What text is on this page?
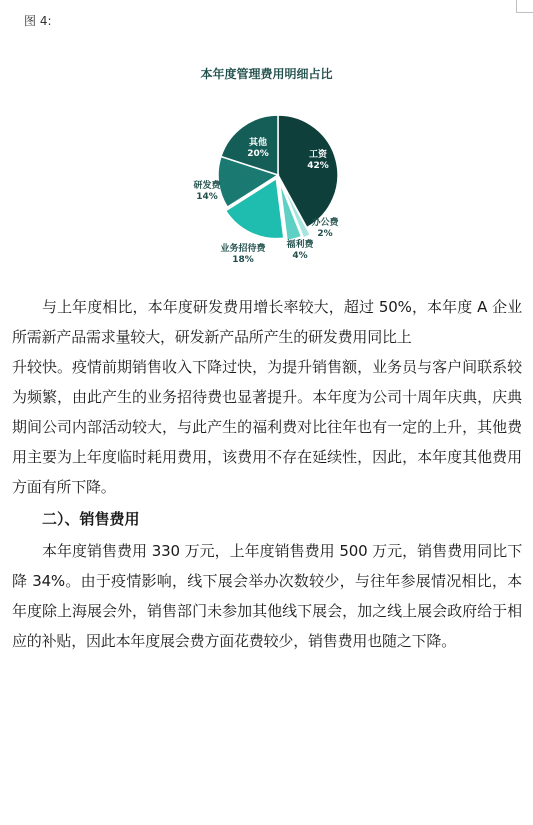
图 4:
本年度管理费用明细占比
工资
42%
办公费
2%
福利费
4%
业务招待费
18%
研发费
14%
其他
20%

与上年度相比，本年度研发费用增长率较大，超过 50%，本年度 A 企业所需新产品需求量较大，研发新产品所产生的研发费用同比上

升较快。疫情前期销售收入下降过快，为提升销售额，业务员与客户间联系较为频繁，由此产生的业务招待费也显著提升。本年度为公司十周年庆典，庆典期间公司内部活动较大，与此产生的福利费对比往年也有一定的上升，其他费用主要为上年度临时耗用费用，该费用不存在延续性，因此，本年度其他费用方面有所下降。

二）、销售费用

本年度销售费用 330 万元，上年度销售费用 500 万元，销售费用同比下降 34%。由于疫情影响，线下展会举办次数较少，与往年参展情况相比，本年度除上海展会外，销售部门未参加其他线下展会，加之线上展会政府给于相应的补贴，因此本年度展会费方面花费较少，销售费用也随之下降。
